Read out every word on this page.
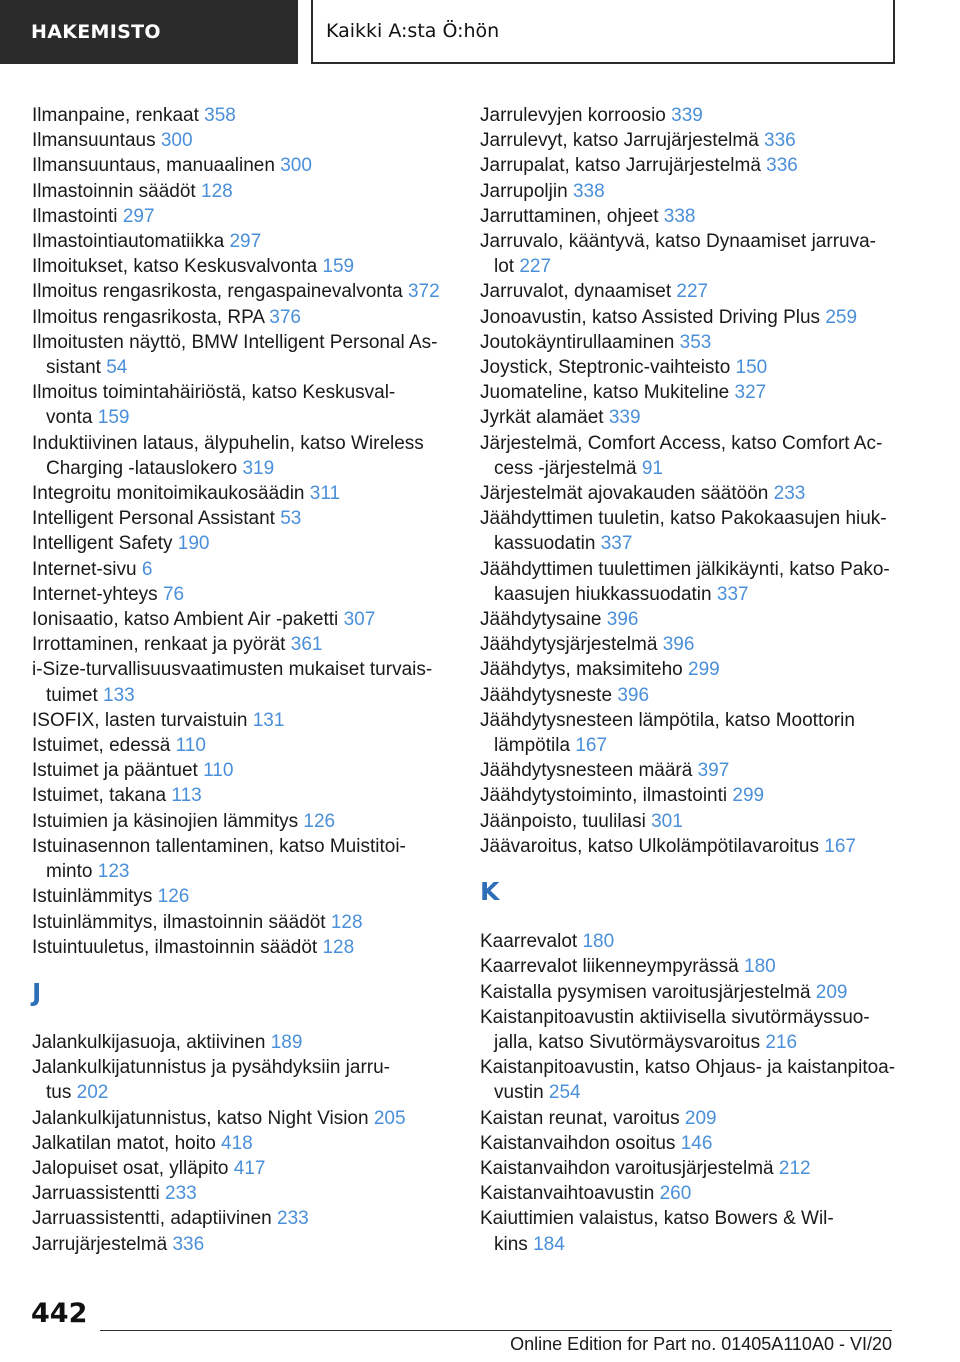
HAKEMISTO	Kaikki A:sta Ö:hön
Ilmanpaine, renkaat 358
Ilmansuuntaus 300
Ilmansuuntaus, manuaalinen 300
Ilmastoinnin säädöt 128
Ilmastointi 297
Ilmastointiautomatiikka 297
Ilmoitukset, katso Keskusvalvonta 159
Ilmoitus rengasrikosta, rengaspainevalvonta 372
Ilmoitus rengasrikosta, RPA 376
Ilmoitusten näyttö, BMW Intelligent Personal As-
sistant 54
Ilmoitus toimintahäiriöstä, katso Keskusval-
vonta 159
Induktiivinen lataus, älypuhelin, katso Wireless
Charging -latauslokero 319
Integroitu monitoimikaukosäädin 311
Intelligent Personal Assistant 53
Intelligent Safety 190
Internet-sivu 6
Internet-yhteys 76
Ionisaatio, katso Ambient Air -paketti 307
Irrottaminen, renkaat ja pyörät 361
i-Size-turvallisuusvaatimusten mukaiset turvais-
tuimet 133
ISOFIX, lasten turvaistuin 131
Istuimet, edessä 110
Istuimet ja pääntuet 110
Istuimet, takana 113
Istuimien ja käsinojien lämmitys 126
Istuinasennon tallentaminen, katso Muistitoi-
minto 123
Istuinlämmitys 126
Istuinlämmitys, ilmastoinnin säädöt 128
Istuintuuletus, ilmastoinnin säädöt 128
J
Jalankulkijasuoja, aktiivinen 189
Jalankulkijatunnistus ja pysähdyksiin jarru-
tus 202
Jalankulkijatunnistus, katso Night Vision 205
Jalkatilan matot, hoito 418
Jalopuiset osat, ylläpito 417
Jarruassistentti 233
Jarruassistentti, adaptiivinen 233
Jarrujärjestelmä 336
Jarrulevyjen korroosio 339
Jarrulevyt, katso Jarrujärjestelmä 336
Jarrupalat, katso Jarrujärjestelmä 336
Jarrupoljin 338
Jarruttaminen, ohjeet 338
Jarruvalo, kääntyvä, katso Dynaamiset jarruva-
lot 227
Jarruvalot, dynaamiset 227
Jonoavustin, katso Assisted Driving Plus 259
Joutokäyntirullaaminen 353
Joystick, Steptronic-vaihteisto 150
Juomateline, katso Mukiteline 327
Jyrkät alamäet 339
Järjestelmä, Comfort Access, katso Comfort Ac-
cess -järjestelmä 91
Järjestelmät ajovakauden säätöön 233
Jäähdyttimen tuuletin, katso Pakokaasujen hiuk-
kassuodatin 337
Jäähdyttimen tuulettimen jälkikäynti, katso Pako-
kaasujen hiukkassuodatin 337
Jäähdytysaine 396
Jäähdytysjärjestelmä 396
Jäähdytys, maksimiteho 299
Jäähdytysneste 396
Jäähdytysnesteen lämpötila, katso Moottorin
lämpötila 167
Jäähdytysnesteen määrä 397
Jäähdytystoiminto, ilmastointi 299
Jäänpoisto, tuulilasi 301
Jäävaroitus, katso Ulkolämpötilavaroitus 167
K
Kaarrevalot 180
Kaarrevalot liikenneympyrässä 180
Kaistalla pysymisen varoitusjärjestelmä 209
Kaistanpitoavustin aktiivisella sivutörmäyssuo-
jalla, katso Sivutörmäysvaroitus 216
Kaistanpitoavustin, katso Ohjaus- ja kaistanpitoa-
vustin 254
Kaistan reunat, varoitus 209
Kaistanvaihdon osoitus 146
Kaistanvaihdon varoitusjärjestelmä 212
Kaistanvaihtoavustin 260
Kaiuttimien valaistus, katso Bowers & Wil-
kins 184
442
Online Edition for Part no. 01405A110A0 - VI/20
